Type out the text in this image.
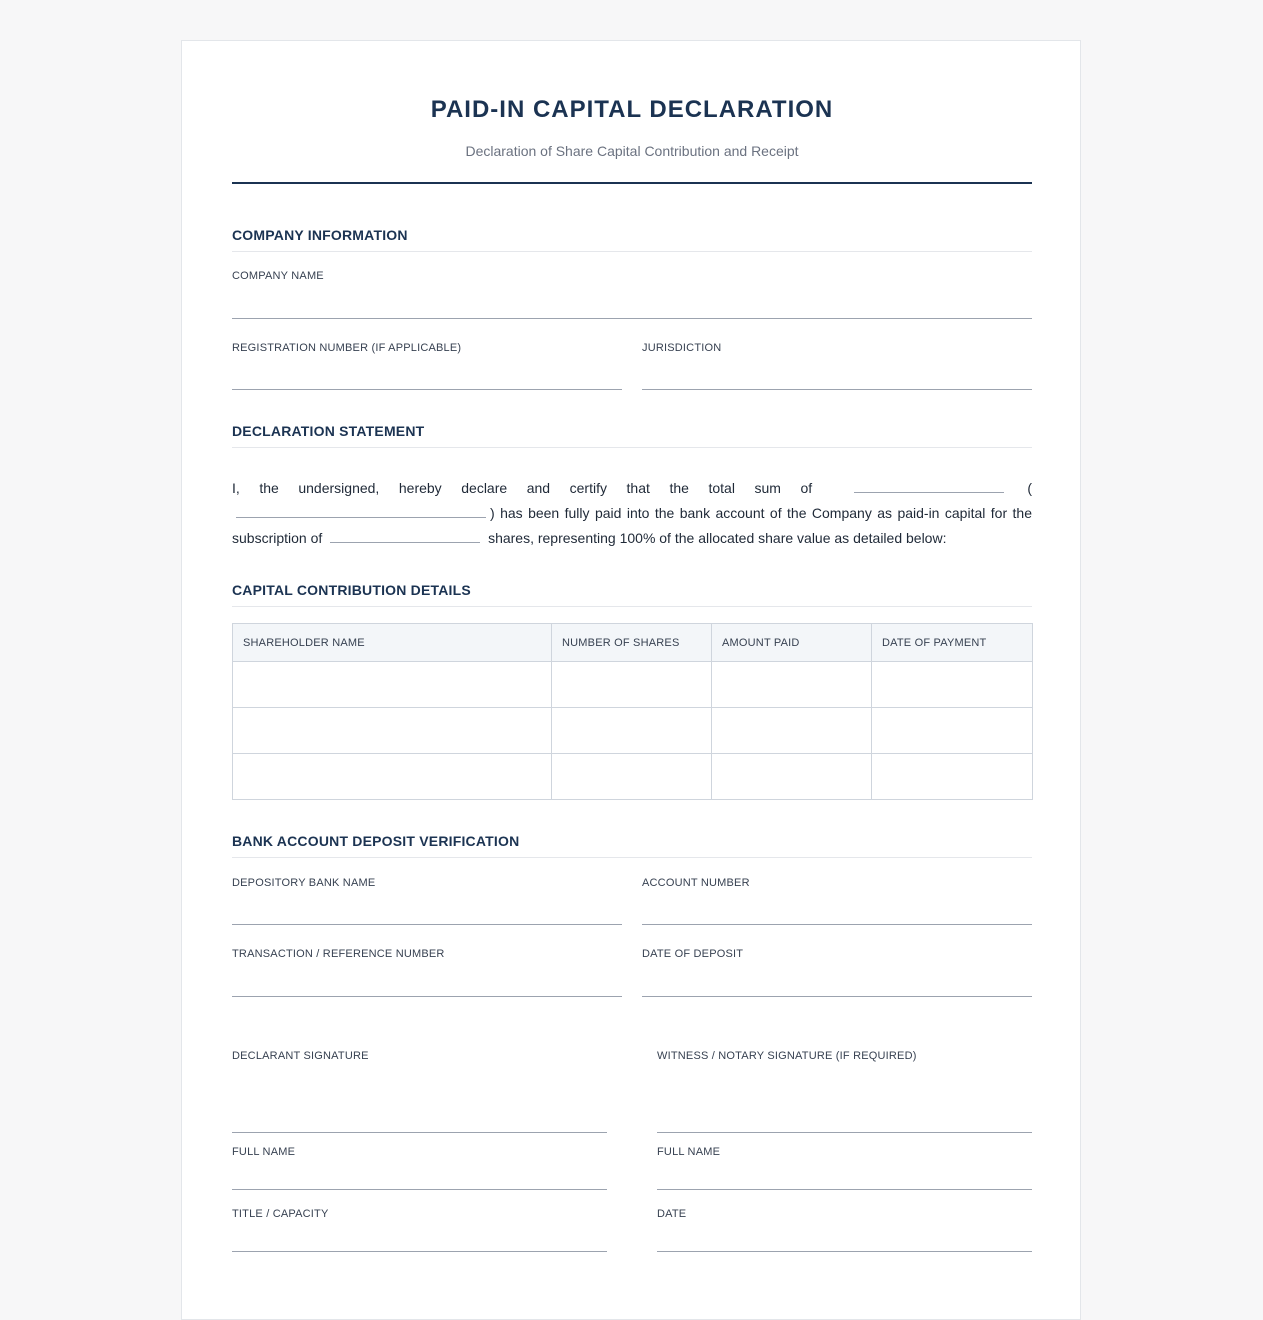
PAID-IN CAPITAL DECLARATION
Declaration of Share Capital Contribution and Receipt
COMPANY INFORMATION
COMPANY NAME
REGISTRATION NUMBER (IF APPLICABLE)	JURISDICTION
DECLARATION STATEMENT
I, the undersigned, hereby declare and certify that the total sum of	( ) has been fully paid into the bank account of the Company as paid-in capital for the subscription of	shares, representing 100% of the allocated share value as detailed below:
CAPITAL CONTRIBUTION DETAILS
SHAREHOLDER NAME	NUMBER OF SHARES	AMOUNT PAID	DATE OF PAYMENT

BANK ACCOUNT DEPOSIT VERIFICATION
DEPOSITORY BANK NAME	ACCOUNT NUMBER
TRANSACTION / REFERENCE NUMBER	DATE OF DEPOSIT
DECLARANT SIGNATURE	WITNESS / NOTARY SIGNATURE (IF REQUIRED)
FULL NAME	FULL NAME
TITLE / CAPACITY	DATE
